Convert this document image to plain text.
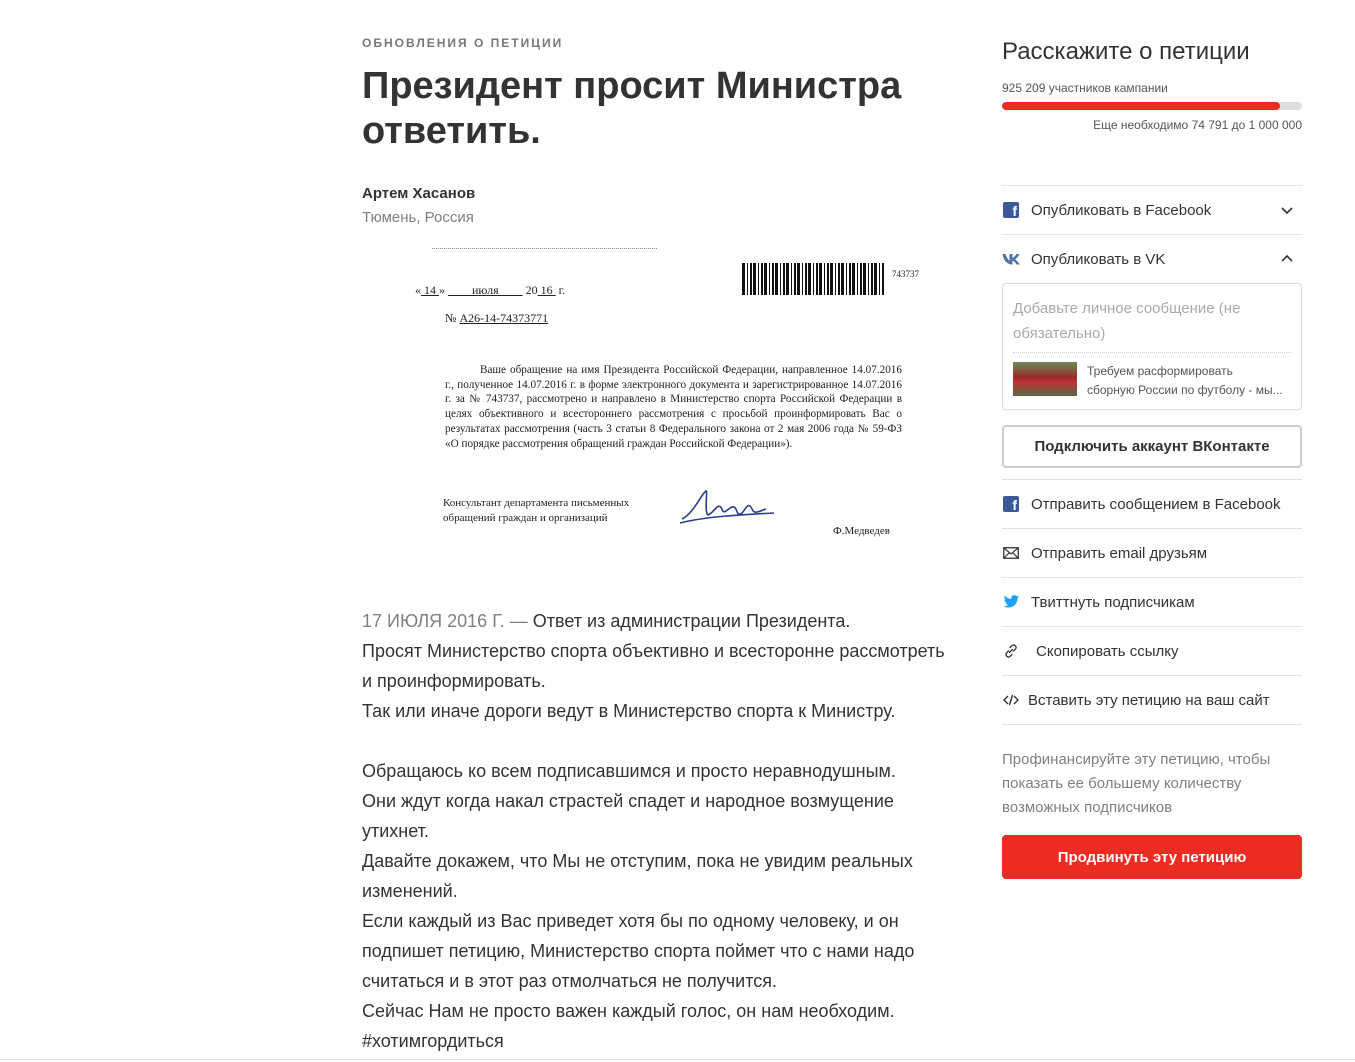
ОБНОВЛЕНИЯ О ПЕТИЦИИ
Президент просит Министра ответить.
Артем Хасанов
Тюмень, Россия
« 14 » июля 20 16 г.
№ А26-14-74373771
743737
Ваше обращение на имя Президента Российской Федерации, направленное 14.07.2016 г., полученное 14.07.2016 г. в форме электронного документа и зарегистрированное 14.07.2016 г. за № 743737, рассмотрено и направлено в Министерство спорта Российской Федерации в целях объективного и всестороннего рассмотрения с просьбой проинформировать Вас о результатах рассмотрения (часть 3 статьи 8 Федерального закона от 2 мая 2006 года № 59-ФЗ «О порядке рассмотрения обращений граждан Российской Федерации»).
Консультант департамента письменных обращений граждан и организаций
Ф.Медведев

17 ИЮЛЯ 2016 Г. — Ответ из администрации Президента.

Просят Министерство спорта объективно и всесторонне рассмотреть и проинформировать.

Так или иначе дороги ведут в Министерство спорта к Министру.

Обращаюсь ко всем подписавшимся и просто неравнодушным.

Они ждут когда накал страстей спадет и народное возмущение утихнет.

Давайте докажем, что Мы не отступим, пока не увидим реальных изменений.

Если каждый из Вас приведет хотя бы по одному человеку, и он подпишет петицию, Министерство спорта поймет что с нами надо считаться и в этот раз отмолчаться не получится.

Сейчас Нам не просто важен каждый голос, он нам необходим.

#хотимгордиться

Расскажите о петиции
925 209 участников кампании
Еще необходимо 74 791 до 1 000 000
f Опубликовать в Facebook
Опубликовать в VK
Добавьте личное сообщение (не обязательно)
Требуем расформировать
сборную России по футболу - мы...
Подключить аккаунт ВКонтакте
f Отправить сообщением в Facebook
Отправить email друзьям
Твиттнуть подписчикам
Скопировать ссылку
Вставить эту петицию на ваш сайт
Профинансируйте эту петицию, чтобы показать ее большему количеству возможных подписчиков
Продвинуть эту петицию
